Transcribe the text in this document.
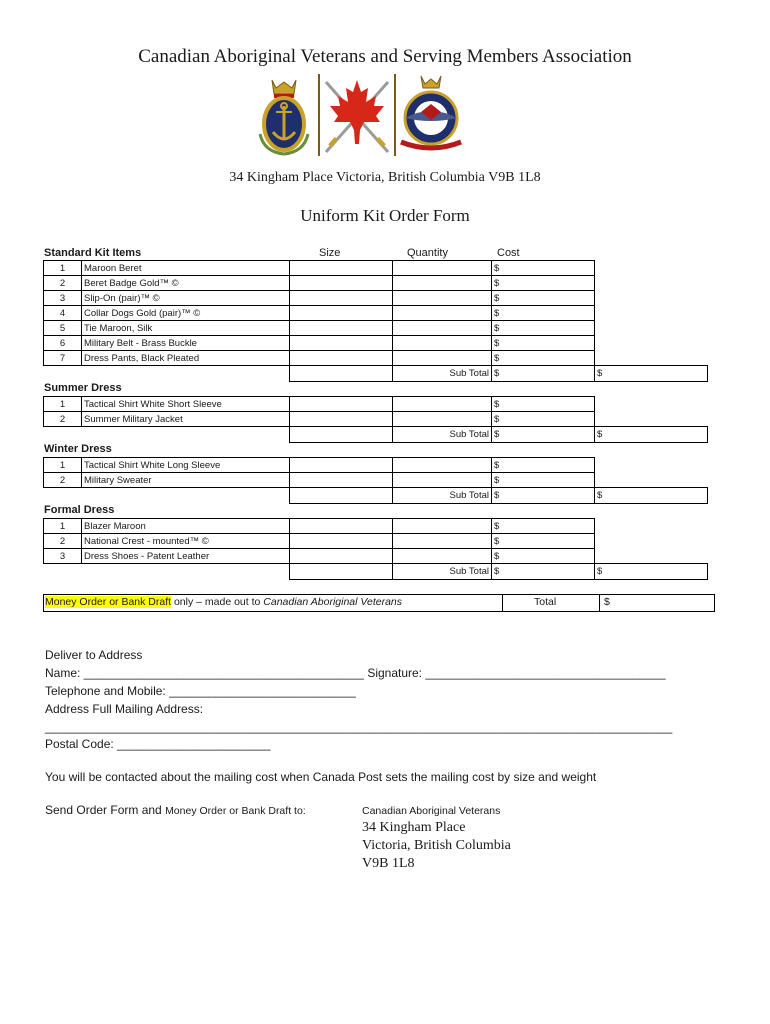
Canadian Aboriginal Veterans and Serving Members Association
34 Kingham Place Victoria, British Columbia V9B 1L8
Uniform Kit Order Form
Standard Kit Items	Size	Quantity	Cost
1	Maroon Beret			$	
2	Beret Badge Gold™ ©			$	
3	Slip-On (pair)™ ©			$	
4	Collar Dogs Gold (pair)™ ©			$	
5	Tie Maroon, Silk			$	
6	Military Belt - Brass Buckle			$	
7	Dress Pants, Black Pleated			$	
			Sub Total	$	$
Summer Dress
1	Tactical Shirt White Short Sleeve			$	
2	Summer Military Jacket			$	
			Sub Total	$	$
Winter Dress
1	Tactical Shirt White Long Sleeve			$	
2	Military Sweater			$	
			Sub Total	$	$
Formal Dress
1	Blazer Maroon			$	
2	National Crest - mounted™ ©			$	
3	Dress Shoes - Patent Leather			$	
			Sub Total	$	$
Money Order or Bank Draft only – made out to Canadian Aboriginal Veterans	Total	$
Deliver to Address
Name: __________________________________________ Signature: ____________________________________
Telephone and Mobile: ____________________________
Address Full Mailing Address:
______________________________________________________________________________________________
Postal Code: _______________________
You will be contacted about the mailing cost when Canada Post sets the mailing cost by size and weight
Send Order Form and Money Order or Bank Draft to:	Canadian Aboriginal Veterans
34 Kingham Place
Victoria, British Columbia
V9B 1L8
